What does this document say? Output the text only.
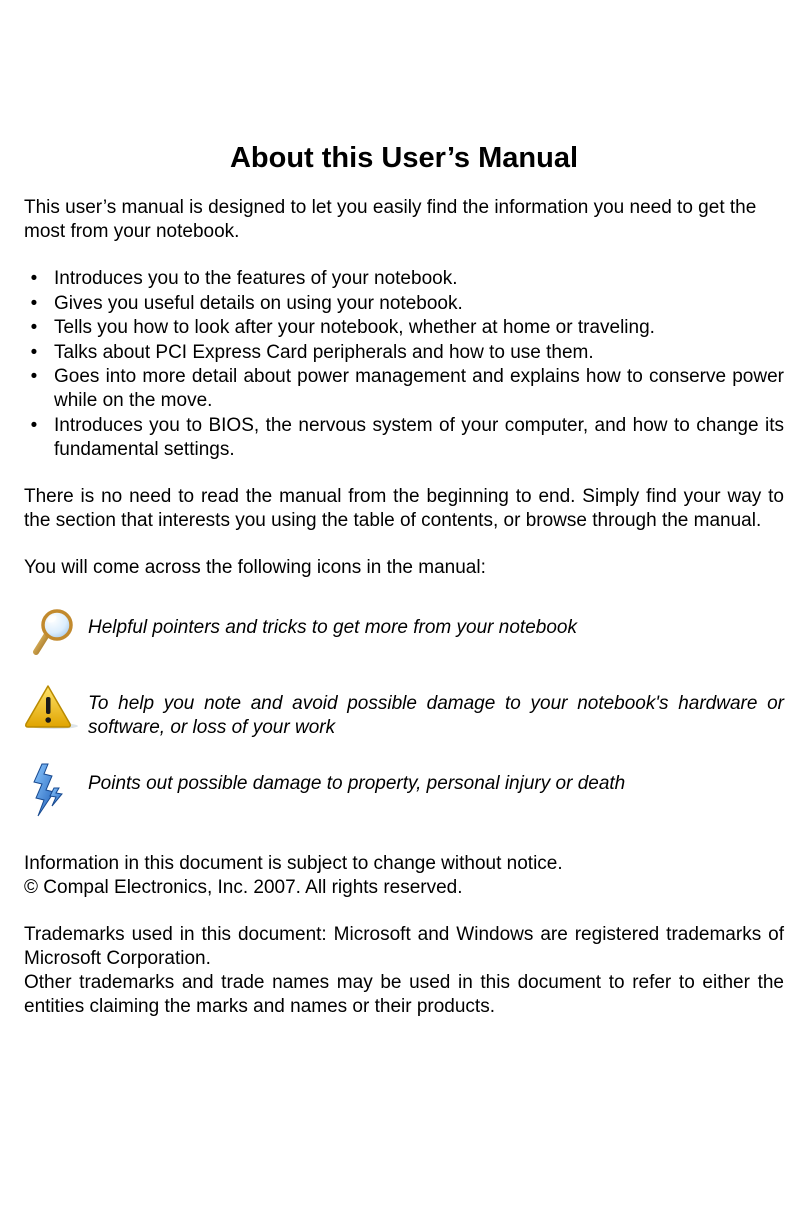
About this User’s Manual

This user’s manual is designed to let you easily find the information you need to get the most from your notebook.

• Introduces you to the features of your notebook.
• Gives you useful details on using your notebook.
• Tells you how to look after your notebook, whether at home or traveling.
• Talks about PCI Express Card peripherals and how to use them.
• Goes into more detail about power management and explains how to conserve power while on the move.
• Introduces you to BIOS, the nervous system of your computer, and how to change its fundamental settings.

There is no need to read the manual from the beginning to end. Simply find your way to the section that interests you using the table of contents, or browse through the manual.

You will come across the following icons in the manual:

Helpful pointers and tricks to get more from your notebook
To help you note and avoid possible damage to your notebook's hardware or software, or loss of your work
Points out possible damage to property, personal injury or death

Information in this document is subject to change without notice.

© Compal Electronics, Inc. 2007. All rights reserved.

Trademarks used in this document: Microsoft and Windows are registered trademarks of Microsoft Corporation.

Other trademarks and trade names may be used in this document to refer to either the entities claiming the marks and names or their products.
